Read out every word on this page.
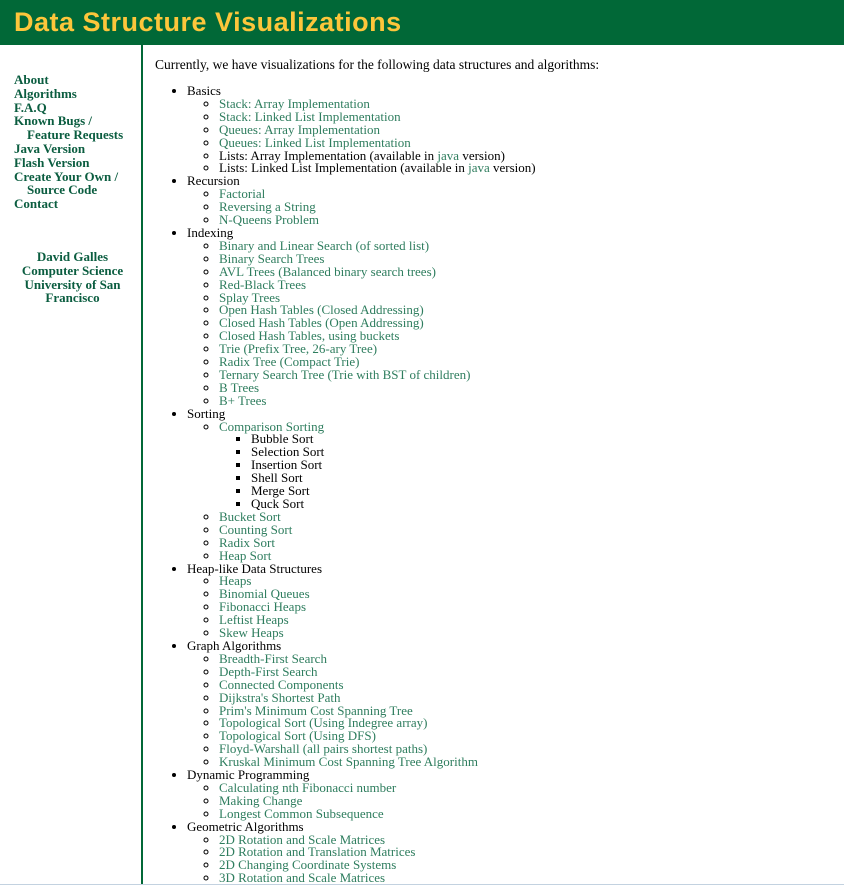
Data Structure Visualizations
About
Algorithms
F.A.Q
Known Bugs /
Feature Requests
Java Version
Flash Version
Create Your Own /
Source Code
Contact
David Galles
Computer Science
University of San Francisco

Currently, we have visualizations for the following data structures and algorithms:

• Basics
◦ Stack: Array Implementation
◦ Stack: Linked List Implementation
◦ Queues: Array Implementation
◦ Queues: Linked List Implementation
◦ Lists: Array Implementation (available in java version)
◦ Lists: Linked List Implementation (available in java version)
• Recursion
◦ Factorial
◦ Reversing a String
◦ N-Queens Problem
• Indexing
◦ Binary and Linear Search (of sorted list)
◦ Binary Search Trees
◦ AVL Trees (Balanced binary search trees)
◦ Red-Black Trees
◦ Splay Trees
◦ Open Hash Tables (Closed Addressing)
◦ Closed Hash Tables (Open Addressing)
◦ Closed Hash Tables, using buckets
◦ Trie (Prefix Tree, 26-ary Tree)
◦ Radix Tree (Compact Trie)
◦ Ternary Search Tree (Trie with BST of children)
◦ B Trees
◦ B+ Trees
• Sorting
◦ Comparison Sorting
▪ Bubble Sort
▪ Selection Sort
▪ Insertion Sort
▪ Shell Sort
▪ Merge Sort
▪ Quck Sort
◦ Bucket Sort
◦ Counting Sort
◦ Radix Sort
◦ Heap Sort
• Heap-like Data Structures
◦ Heaps
◦ Binomial Queues
◦ Fibonacci Heaps
◦ Leftist Heaps
◦ Skew Heaps
• Graph Algorithms
◦ Breadth-First Search
◦ Depth-First Search
◦ Connected Components
◦ Dijkstra's Shortest Path
◦ Prim's Minimum Cost Spanning Tree
◦ Topological Sort (Using Indegree array)
◦ Topological Sort (Using DFS)
◦ Floyd-Warshall (all pairs shortest paths)
◦ Kruskal Minimum Cost Spanning Tree Algorithm
• Dynamic Programming
◦ Calculating nth Fibonacci number
◦ Making Change
◦ Longest Common Subsequence
• Geometric Algorithms
◦ 2D Rotation and Scale Matrices
◦ 2D Rotation and Translation Matrices
◦ 2D Changing Coordinate Systems
◦ 3D Rotation and Scale Matrices
